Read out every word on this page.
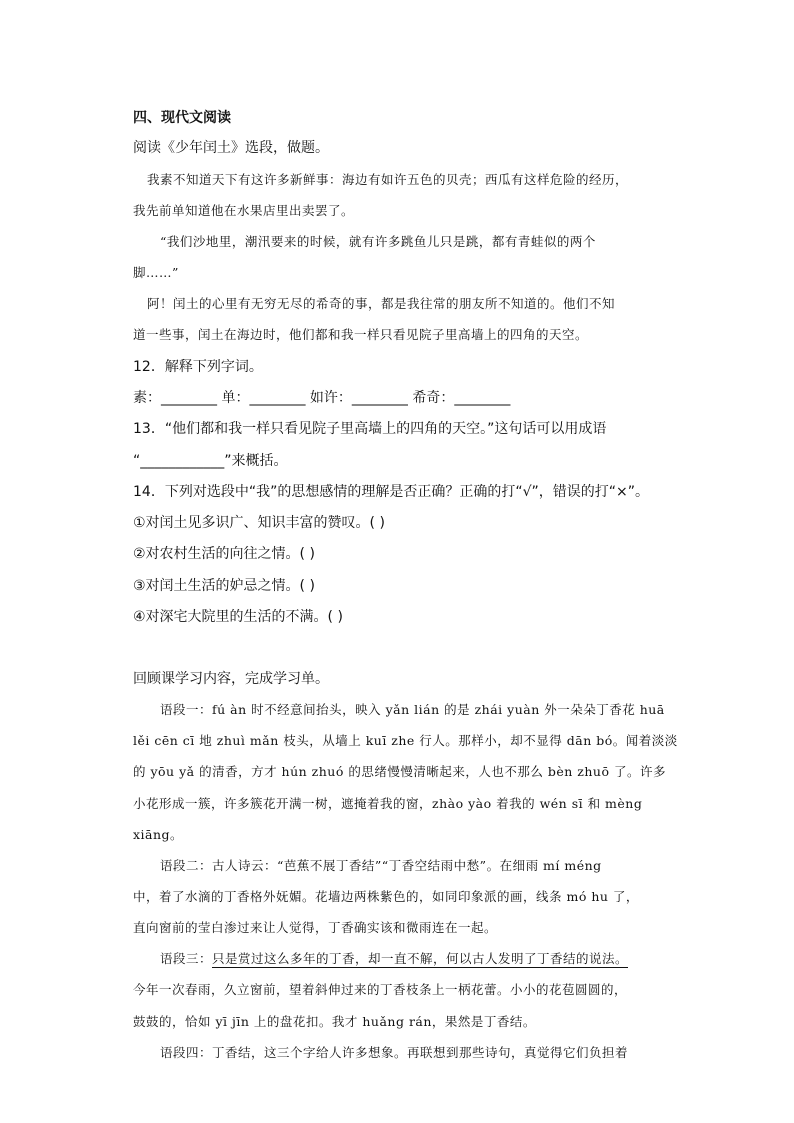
四、现代文阅读
阅读《少年闰土》选段，做题。
我素不知道天下有这许多新鲜事：海边有如许五色的贝壳；西瓜有这样危险的经历，
我先前单知道他在水果店里出卖罢了。
“我们沙地里，潮汛要来的时候，就有许多跳鱼儿只是跳，都有青蛙似的两个
脚……”
阿！闰土的心里有无穷无尽的希奇的事，都是我往常的朋友所不知道的。他们不知
道一些事，闰土在海边时，他们都和我一样只看见院子里高墙上的四角的天空。
12．解释下列字词。
素：________ 单：________ 如许：________ 希奇：________
13．“他们都和我一样只看见院子里高墙上的四角的天空。”这句话可以用成语
“____________”来概括。
14．下列对选段中“我”的思想感情的理解是否正确？正确的打“√”，错误的打“×”。
①对闰土见多识广、知识丰富的赞叹。( )
②对农村生活的向往之情。( )
③对闰土生活的妒忌之情。( )
④对深宅大院里的生活的不满。( )
回顾课学习内容，完成学习单。
语段一：fú àn 时不经意间抬头，映入 yǎn lián 的是 zhái yuàn 外一朵朵丁香花 huā
lěi cēn cī 地 zhuì mǎn 枝头，从墙上 kuī zhe 行人。那样小，却不显得 dān bó。闻着淡淡
的 yōu yǎ 的清香，方才 hún zhuó 的思绪慢慢清晰起来，人也不那么 bèn zhuō 了。许多
小花形成一簇，许多簇花开满一树，遮掩着我的窗，zhào yào 着我的 wén sī 和 mèng
xiāng。
语段二：古人诗云：“芭蕉不展丁香结”“丁香空结雨中愁”。在细雨 mí méng
中，着了水滴的丁香格外妩媚。花墙边两株紫色的，如同印象派的画，线条 mó hu 了，
直向窗前的莹白渗过来让人觉得，丁香确实该和微雨连在一起。
语段三：只是赏过这么多年的丁香，却一直不解，何以古人发明了丁香结的说法。
今年一次春雨，久立窗前，望着斜伸过来的丁香枝条上一柄花蕾。小小的花苞圆圆的，
鼓鼓的，恰如 yī jīn 上的盘花扣。我才 huǎng rán，果然是丁香结。
语段四：丁香结，这三个字给人许多想象。再联想到那些诗句，真觉得它们负担着
